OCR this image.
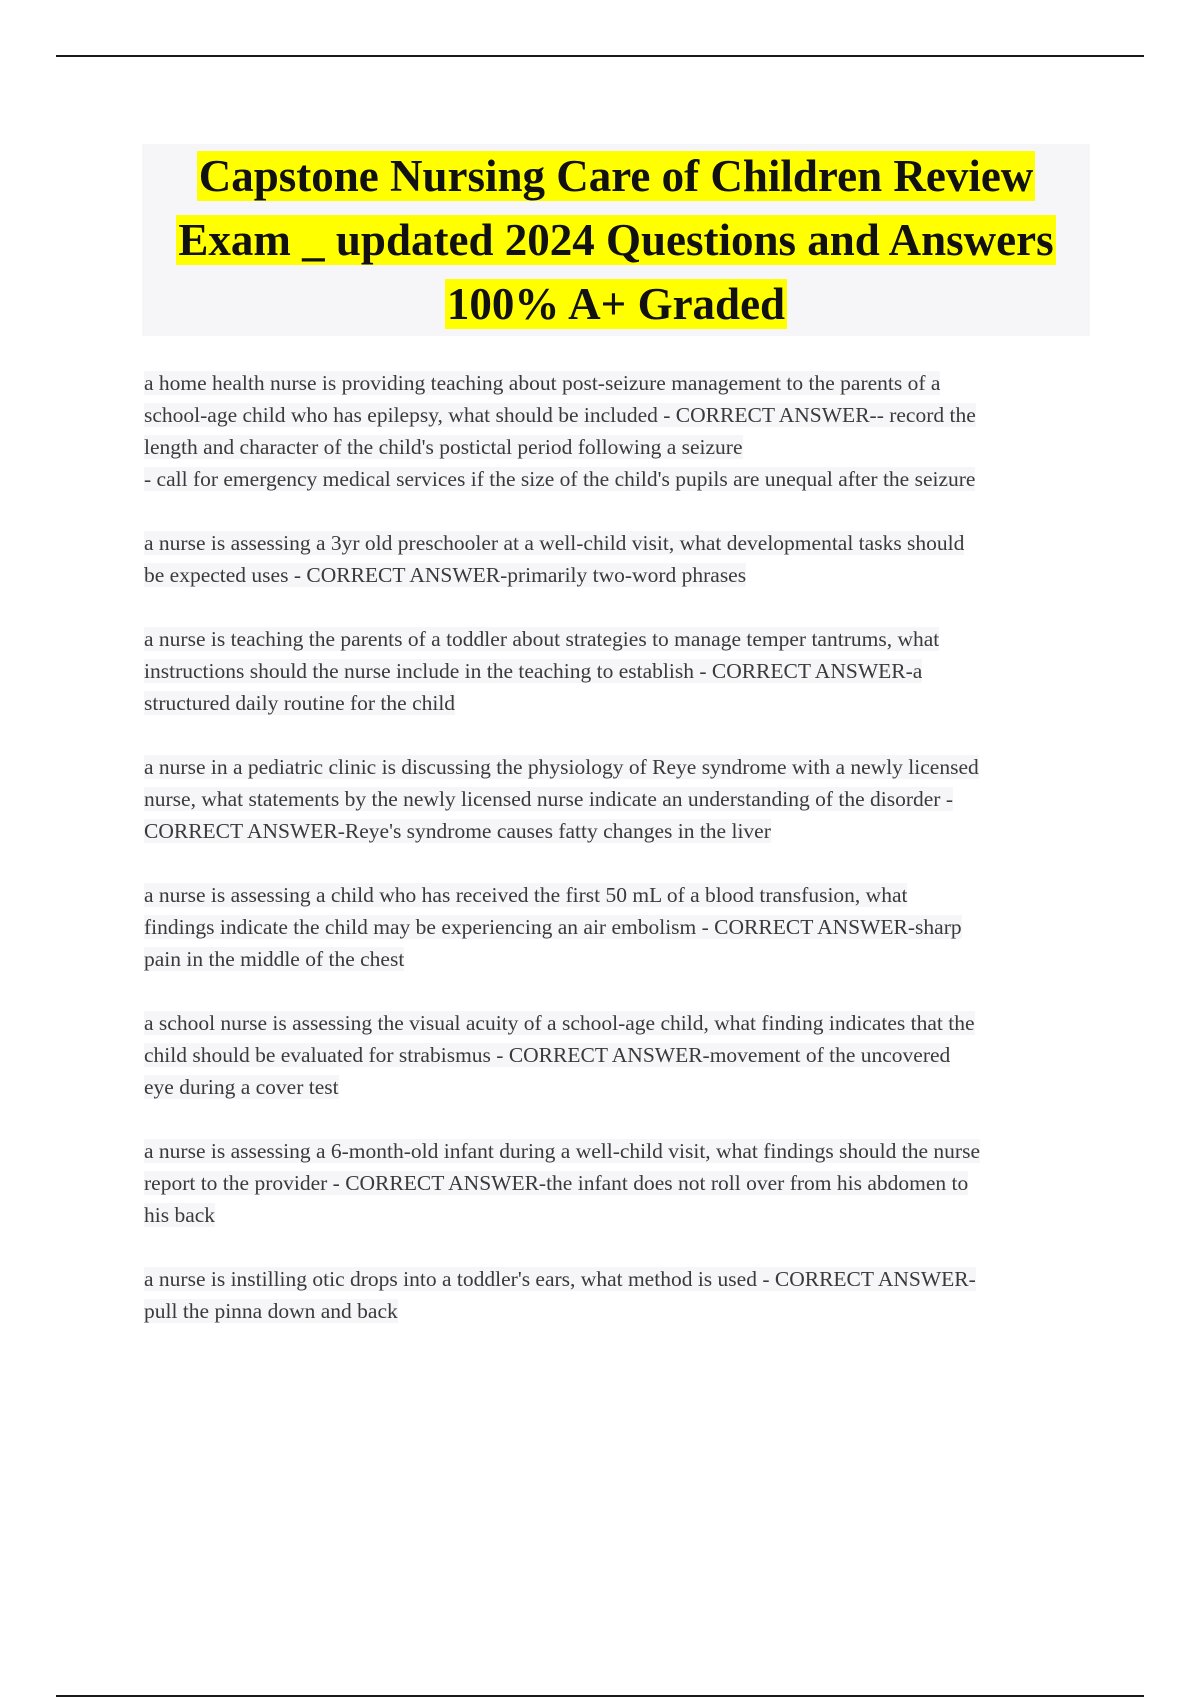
Capstone Nursing Care of Children Review
Exam _ updated 2024 Questions and Answers
100% A+ Graded
a home health nurse is providing teaching about post-seizure management to the parents of a
school-age child who has epilepsy, what should be included - CORRECT ANSWER-- record the
length and character of the child's postictal period following a seizure
- call for emergency medical services if the size of the child's pupils are unequal after the seizure
a nurse is assessing a 3yr old preschooler at a well-child visit, what developmental tasks should
be expected uses - CORRECT ANSWER-primarily two-word phrases
a nurse is teaching the parents of a toddler about strategies to manage temper tantrums, what
instructions should the nurse include in the teaching to establish - CORRECT ANSWER-a
structured daily routine for the child
a nurse in a pediatric clinic is discussing the physiology of Reye syndrome with a newly licensed
nurse, what statements by the newly licensed nurse indicate an understanding of the disorder -
CORRECT ANSWER-Reye's syndrome causes fatty changes in the liver
a nurse is assessing a child who has received the first 50 mL of a blood transfusion, what
findings indicate the child may be experiencing an air embolism - CORRECT ANSWER-sharp
pain in the middle of the chest
a school nurse is assessing the visual acuity of a school-age child, what finding indicates that the
child should be evaluated for strabismus - CORRECT ANSWER-movement of the uncovered
eye during a cover test
a nurse is assessing a 6-month-old infant during a well-child visit, what findings should the nurse
report to the provider - CORRECT ANSWER-the infant does not roll over from his abdomen to
his back
a nurse is instilling otic drops into a toddler's ears, what method is used - CORRECT ANSWER-
pull the pinna down and back
